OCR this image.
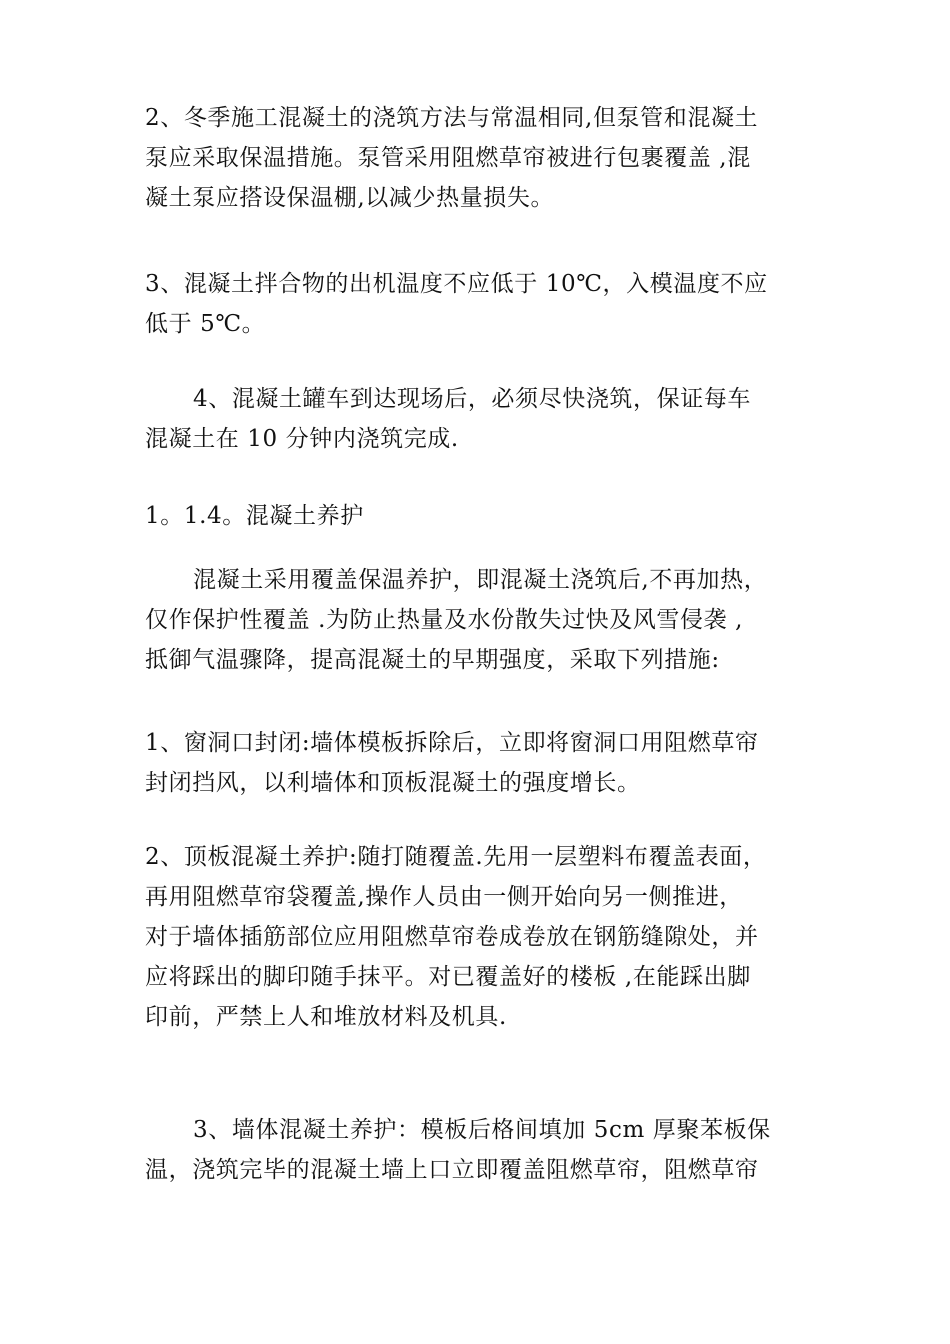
2、冬季施工混凝土的浇筑方法与常温相同,但泵管和混凝土
泵应采取保温措施。泵管采用阻燃草帘被进行包裹覆盖 ,混
凝土泵应搭设保温棚,以减少热量损失。
3、混凝土拌合物的出机温度不应低于 10℃，入模温度不应
低于 5℃。
4、混凝土罐车到达现场后，必须尽快浇筑，保证每车
混凝土在 10 分钟内浇筑完成.
1。1.4。混凝土养护
混凝土采用覆盖保温养护，即混凝土浇筑后,不再加热，
仅作保护性覆盖 .为防止热量及水份散失过快及风雪侵袭 ,
抵御气温骤降，提高混凝土的早期强度，采取下列措施:
1、窗洞口封闭:墙体模板拆除后，立即将窗洞口用阻燃草帘
封闭挡风，以利墙体和顶板混凝土的强度增长。
2、顶板混凝土养护:随打随覆盖.先用一层塑料布覆盖表面，
再用阻燃草帘袋覆盖,操作人员由一侧开始向另一侧推进，
对于墙体插筋部位应用阻燃草帘卷成卷放在钢筋缝隙处，并
应将踩出的脚印随手抹平。对已覆盖好的楼板 ,在能踩出脚
印前，严禁上人和堆放材料及机具.
3、墙体混凝土养护：模板后格间填加 5cm 厚聚苯板保
温，浇筑完毕的混凝土墙上口立即覆盖阻燃草帘，阻燃草帘
